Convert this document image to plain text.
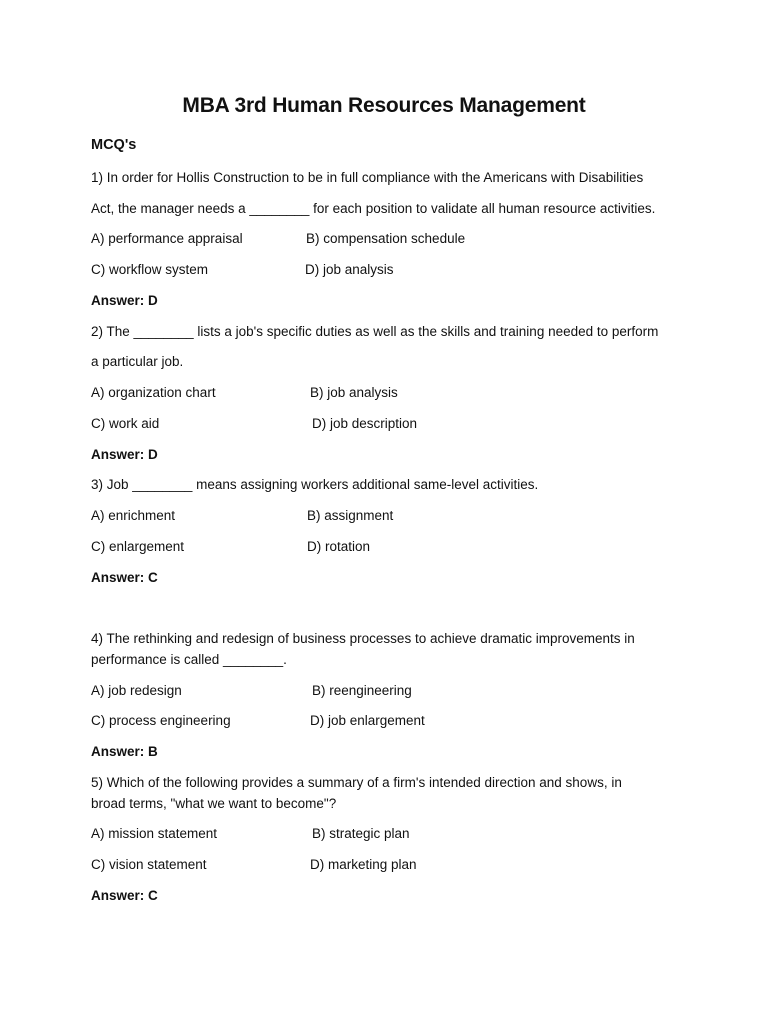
MBA 3rd Human Resources Management
MCQ's
1) In order for Hollis Construction to be in full compliance with the Americans with Disabilities
Act, the manager needs a ________ for each position to validate all human resource activities.
A) performance appraisal	B) compensation schedule
C) workflow system	D) job analysis
Answer: D
2) The ________ lists a job's specific duties as well as the skills and training needed to perform
a particular job.
A) organization chart	B) job analysis
C) work aid	D) job description
Answer: D
3) Job ________ means assigning workers additional same-level activities.
A) enrichment	B) assignment
C) enlargement	D) rotation
Answer: C
4) The rethinking and redesign of business processes to achieve dramatic improvements in
performance is called ________.
A) job redesign	B) reengineering
C) process engineering	D) job enlargement
Answer: B
5) Which of the following provides a summary of a firm's intended direction and shows, in
broad terms, "what we want to become"?
A) mission statement	B) strategic plan
C) vision statement	D) marketing plan
Answer: C
